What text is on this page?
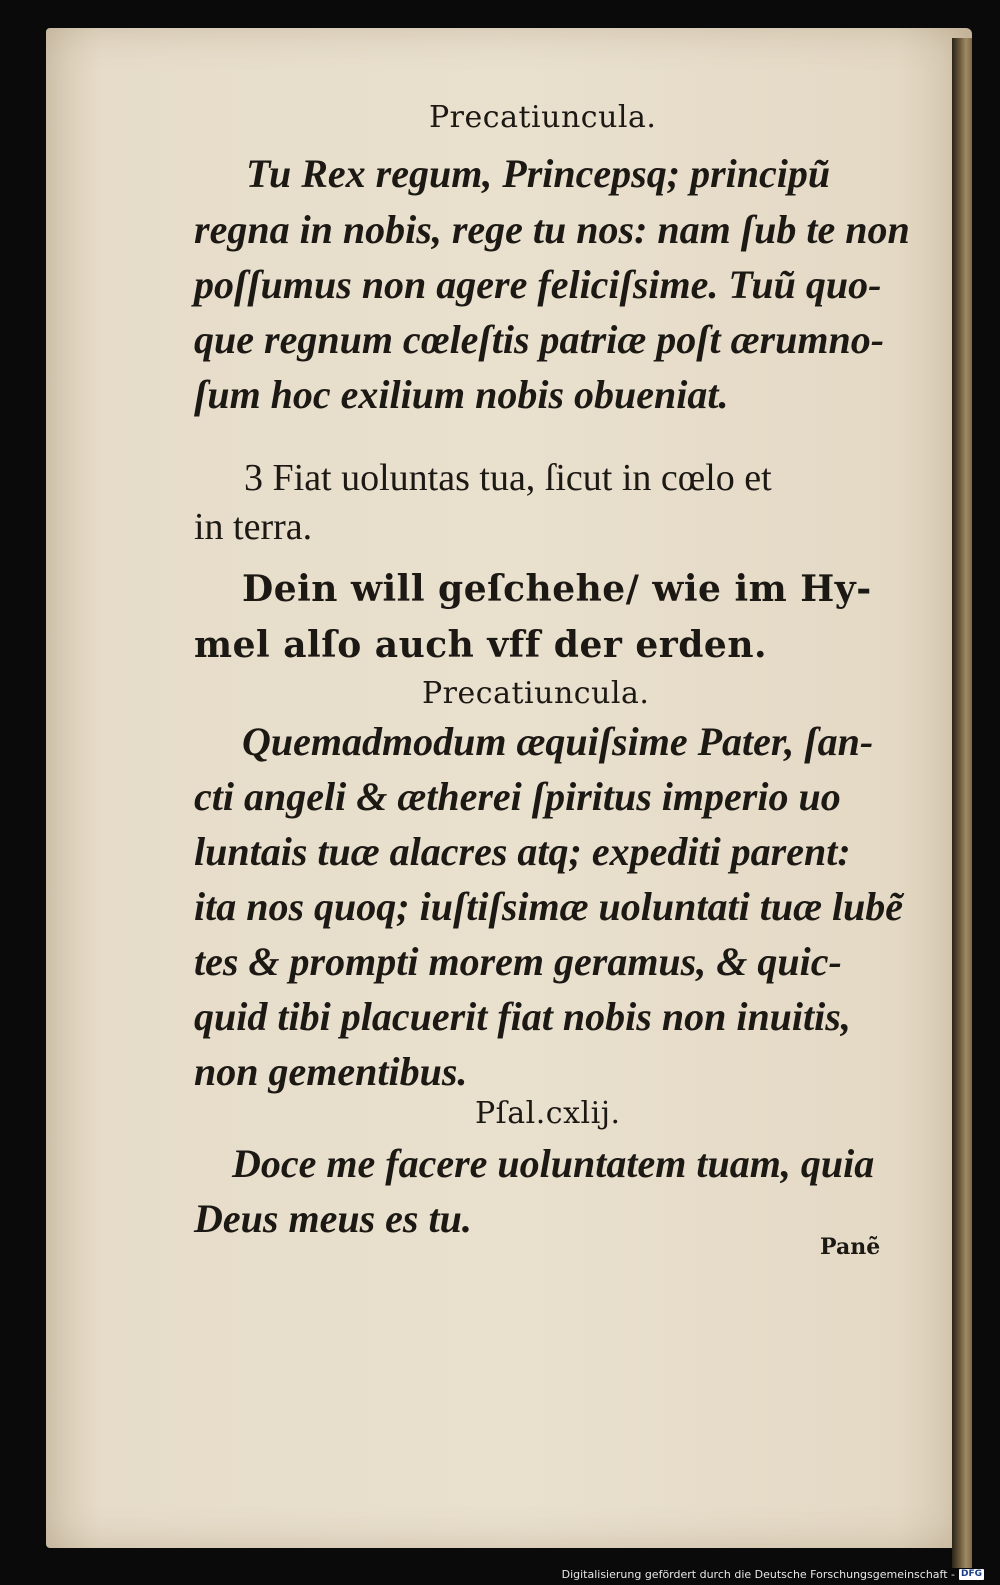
Precatiuncula.
Tu Rex regum, Princepsq; principũ
regna in nobis, rege tu nos: nam ſub te non
poſſumus non agere feliciſsime. Tuũ quo-
que regnum cœleſtis patriæ poſt ærumno-
ſum hoc exilium nobis obueniat.
3 Fiat uoluntas tua, ſicut in cœlo et
in terra.
Dein will geſchehe/ wie im Hy-
mel alſo auch vff der erden.
Precatiuncula.
Quemadmodum æquiſsime Pater, ſan-
cti angeli & ætherei ſpiritus imperio uo
luntais tuæ alacres atq; expediti parent:
ita nos quoq; iuſtiſsimæ uoluntati tuæ lubẽ
tes & prompti morem geramus, & quic-
quid tibi placuerit fiat nobis non inuitis,
non gementibus.
Pſal.cxlij.
Doce me facere uoluntatem tuam, quia
Deus meus es tu.
Panẽ
Digitalisierung gefördert durch die Deutsche Forschungsgemeinschaft - DFG
